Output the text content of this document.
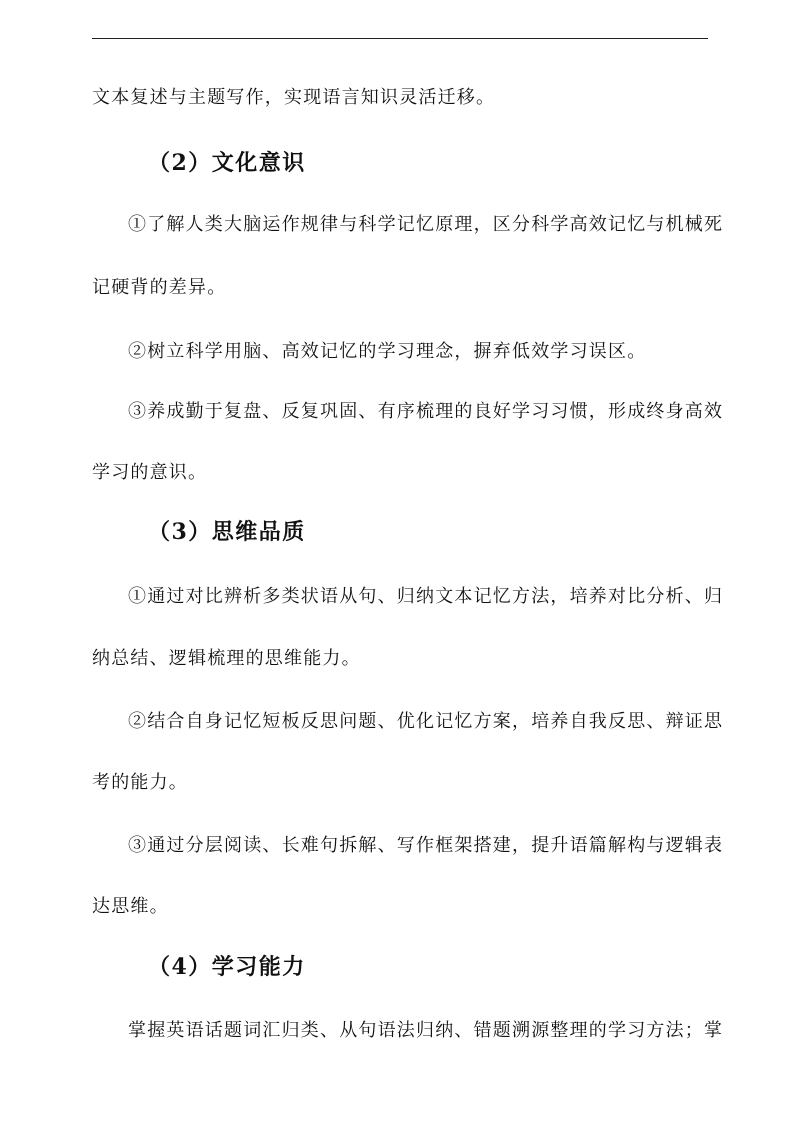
文本复述与主题写作，实现语言知识灵活迁移。
（2）文化意识
①了解人类大脑运作规律与科学记忆原理，区分科学高效记忆与机械死
记硬背的差异。
②树立科学用脑、高效记忆的学习理念，摒弃低效学习误区。
③养成勤于复盘、反复巩固、有序梳理的良好学习习惯，形成终身高效
学习的意识。
（3）思维品质
①通过对比辨析多类状语从句、归纳文本记忆方法，培养对比分析、归
纳总结、逻辑梳理的思维能力。
②结合自身记忆短板反思问题、优化记忆方案，培养自我反思、辩证思
考的能力。
③通过分层阅读、长难句拆解、写作框架搭建，提升语篇解构与逻辑表
达思维。
（4）学习能力
掌握英语话题词汇归类、从句语法归纳、错题溯源整理的学习方法；掌
